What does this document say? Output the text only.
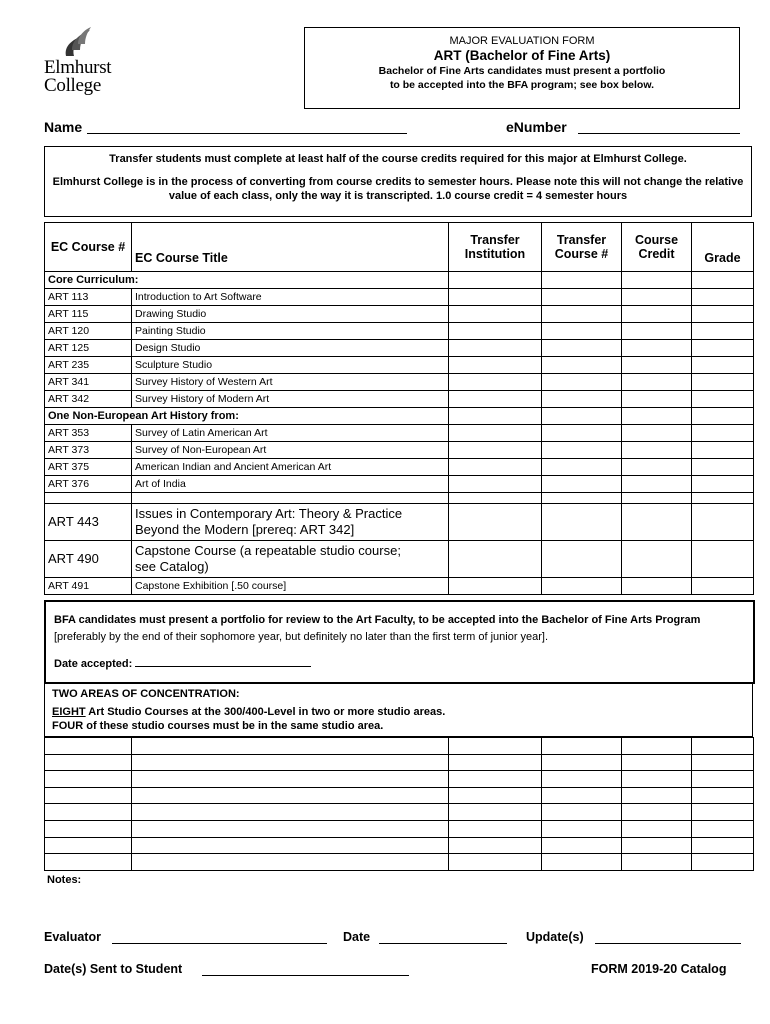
Elmhurst
College
MAJOR EVALUATION FORM
ART (Bachelor of Fine Arts)
Bachelor of Fine Arts candidates must present a portfolio
to be accepted into the BFA program; see box below.
Name	eNumber
Transfer students must complete at least half of the course credits required for this major at Elmhurst College.
Elmhurst College is in the process of converting from course credits to semester hours. Please note this will not change the relative value of each class, only the way it is transcripted. 1.0 course credit = 4 semester hours
EC Course #	EC Course Title	Transfer Institution	Transfer Course #	Course Credit	Grade
Core Curriculum:					
ART 113	Introduction to Art Software				
ART 115	Drawing Studio				
ART 120	Painting Studio				
ART 125	Design Studio				
ART 235	Sculpture Studio				
ART 341	Survey History of Western Art				
ART 342	Survey History of Modern Art				
One Non-European Art History from:					
ART 353	Survey of Latin American Art				
ART 373	Survey of Non-European Art				
ART 375	American Indian and Ancient American Art				
ART 376	Art of India				

ART 443	Issues in Contemporary Art: Theory & Practice
Beyond the Modern [prereq: ART 342]				

ART 490	Capstone Course (a repeatable studio course;
see Catalog)				

ART 491	Capstone Exhibition [.50 course]				
BFA candidates must present a portfolio for review to the Art Faculty, to be accepted into the Bachelor of Fine Arts Program [preferably by the end of their sophomore year, but definitely no later than the first term of junior year].
Date accepted:
TWO AREAS OF CONCENTRATION:
EIGHT Art Studio Courses at the 300/400-Level in two or more studio areas.
FOUR of these studio courses must be in the same studio area.

Notes:
Evaluator	Date	Update(s)
Date(s) Sent to Student	FORM 2019-20 Catalog
